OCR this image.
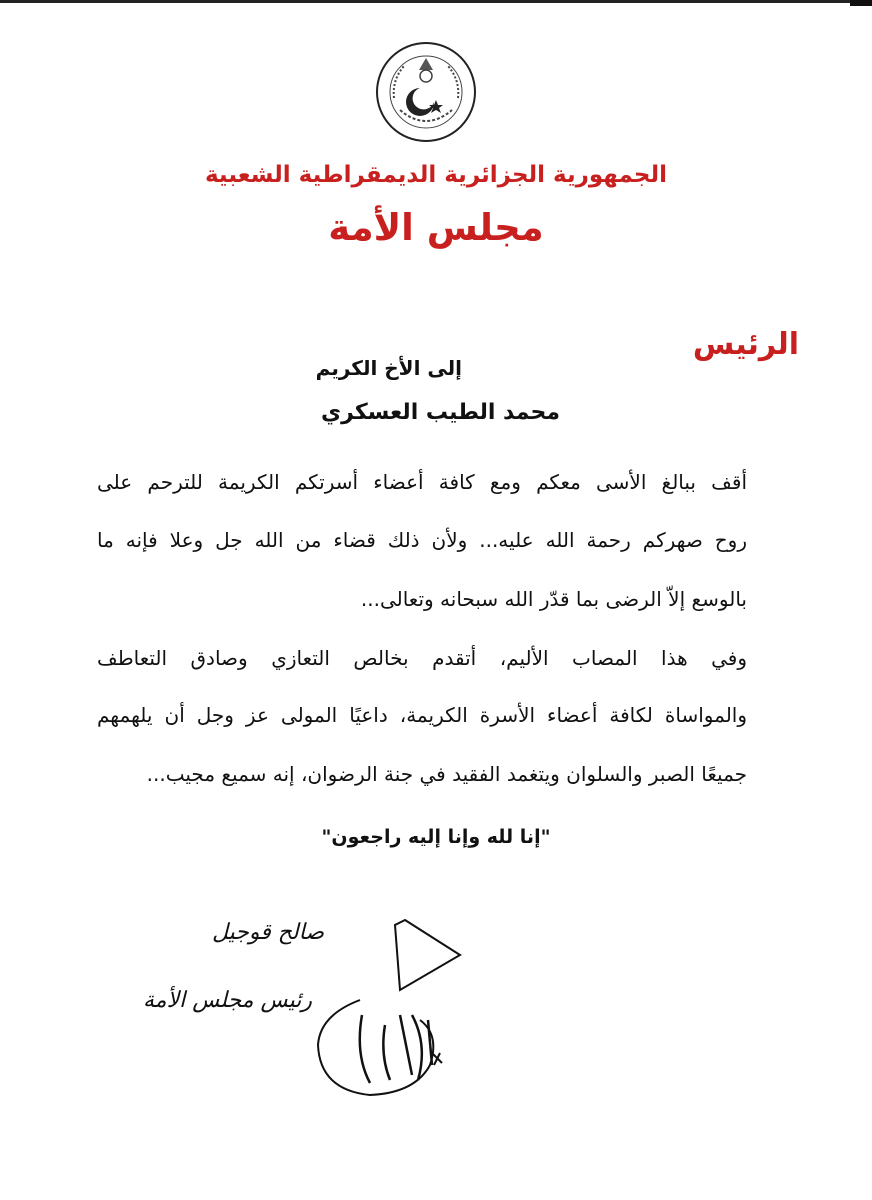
الجمهورية الجزائرية الديمقراطية الشعبية
مجلس الأمة
الرئيس
إلى الأخ الكريم
محمد الطيب العسكري
أقف ببالغ الأسى معكم ومع كافة أعضاء أسرتكم الكريمة للترحم على
روح صهركم رحمة الله عليه... ولأن ذلك قضاء من الله جل وعلا فإنه ما
بالوسع إلاّ الرضى بما قدّر الله سبحانه وتعالى...
وفي هذا المصاب الأليم، أتقدم بخالص التعازي وصادق التعاطف
والمواساة لكافة أعضاء الأسرة الكريمة، داعيًا المولى عز وجل أن يلهمهم
جميعًا الصبر والسلوان ويتغمد الفقيد في جنة الرضوان، إنه سميع مجيب...
"إنا لله وإنا إليه راجعون"
صالح قوجيل
رئيس مجلس الأمة
